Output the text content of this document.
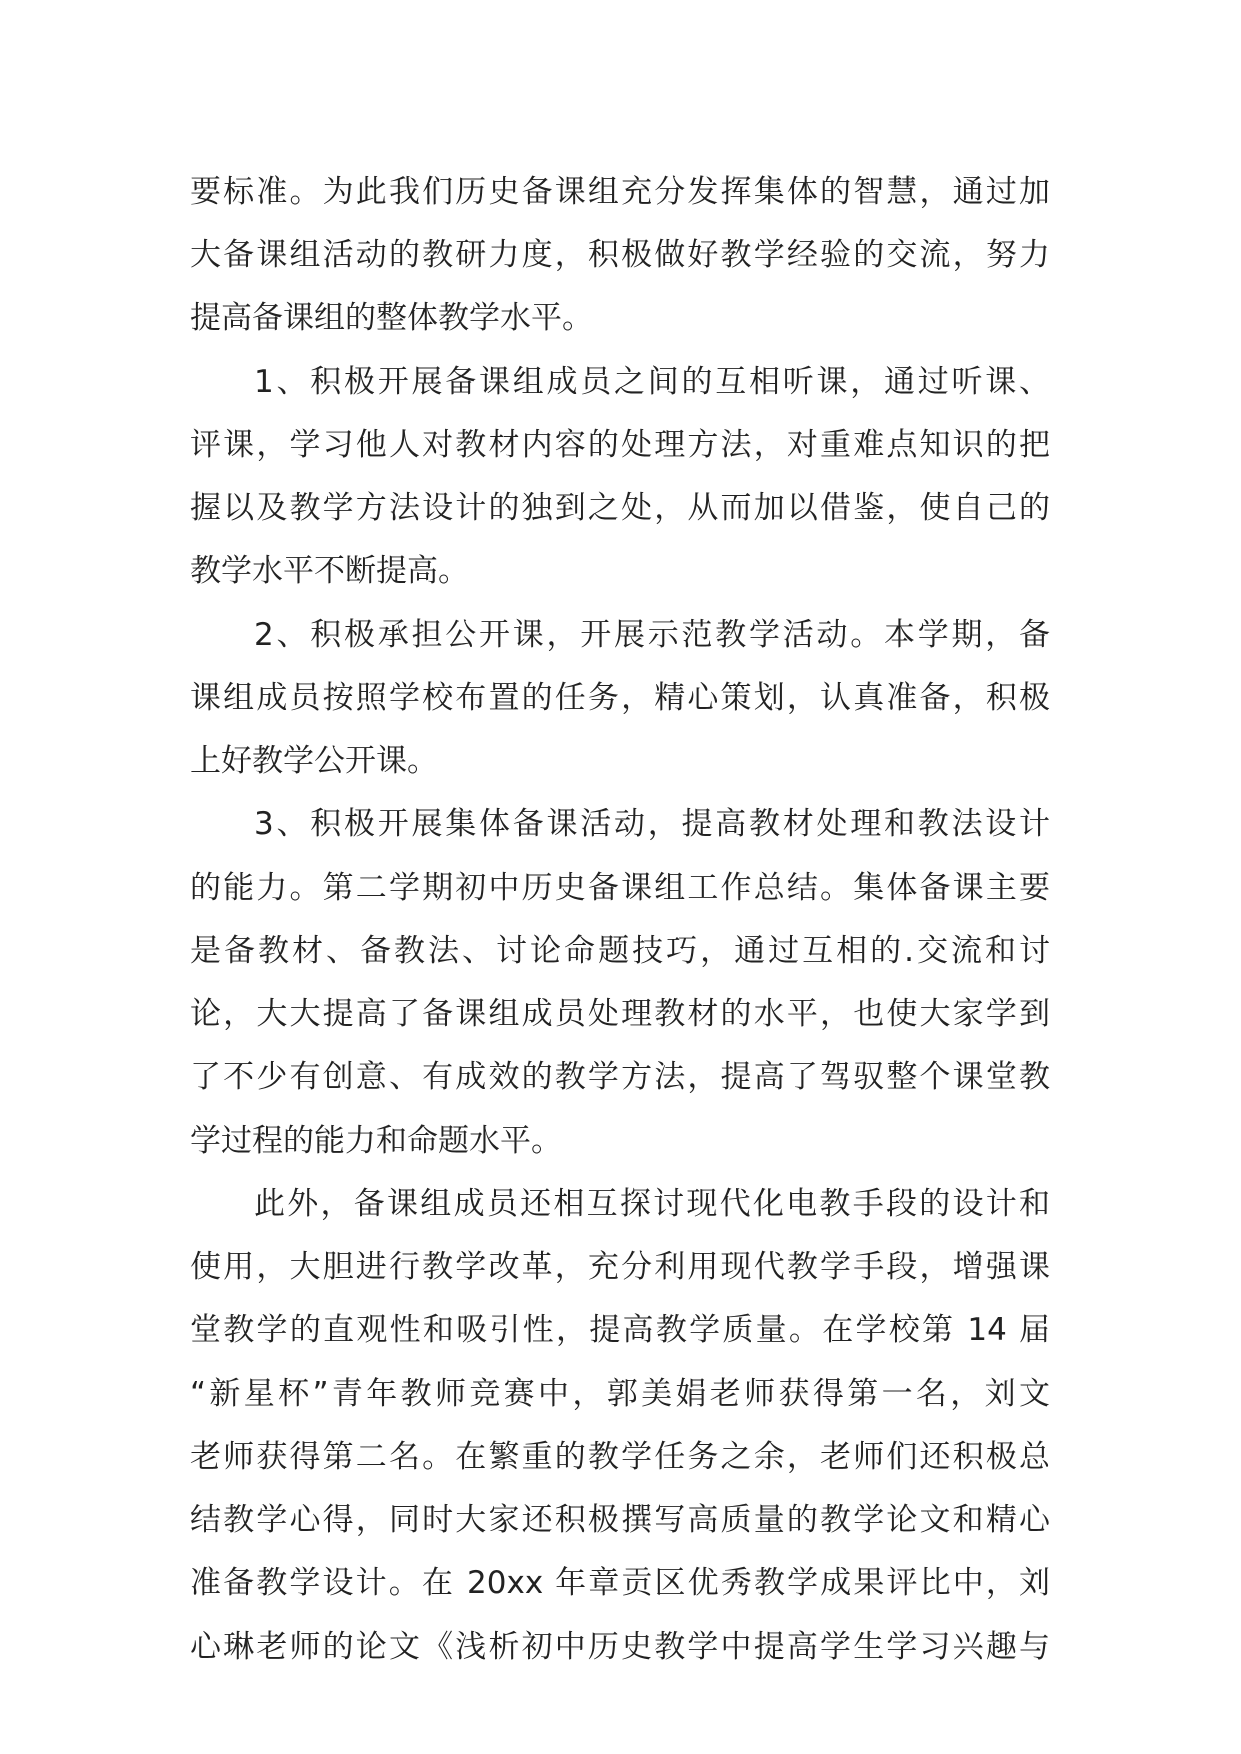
要标准。为此我们历史备课组充分发挥集体的智慧，通过加
大备课组活动的教研力度，积极做好教学经验的交流，努力
提高备课组的整体教学水平。
1、积极开展备课组成员之间的互相听课，通过听课、
评课，学习他人对教材内容的处理方法，对重难点知识的把
握以及教学方法设计的独到之处，从而加以借鉴，使自己的
教学水平不断提高。
2、积极承担公开课，开展示范教学活动。本学期，备
课组成员按照学校布置的任务，精心策划，认真准备，积极
上好教学公开课。
3、积极开展集体备课活动，提高教材处理和教法设计
的能力。第二学期初中历史备课组工作总结。集体备课主要
是备教材、备教法、讨论命题技巧，通过互相的.交流和讨
论，大大提高了备课组成员处理教材的水平，也使大家学到
了不少有创意、有成效的教学方法，提高了驾驭整个课堂教
学过程的能力和命题水平。
此外，备课组成员还相互探讨现代化电教手段的设计和
使用，大胆进行教学改革，充分利用现代教学手段，增强课
堂教学的直观性和吸引性，提高教学质量。在学校第 14 届
“新星杯”青年教师竞赛中，郭美娟老师获得第一名，刘文
老师获得第二名。在繁重的教学任务之余，老师们还积极总
结教学心得，同时大家还积极撰写高质量的教学论文和精心
准备教学设计。在 20xx 年章贡区优秀教学成果评比中，刘
心琳老师的论文《浅析初中历史教学中提高学生学习兴趣与
